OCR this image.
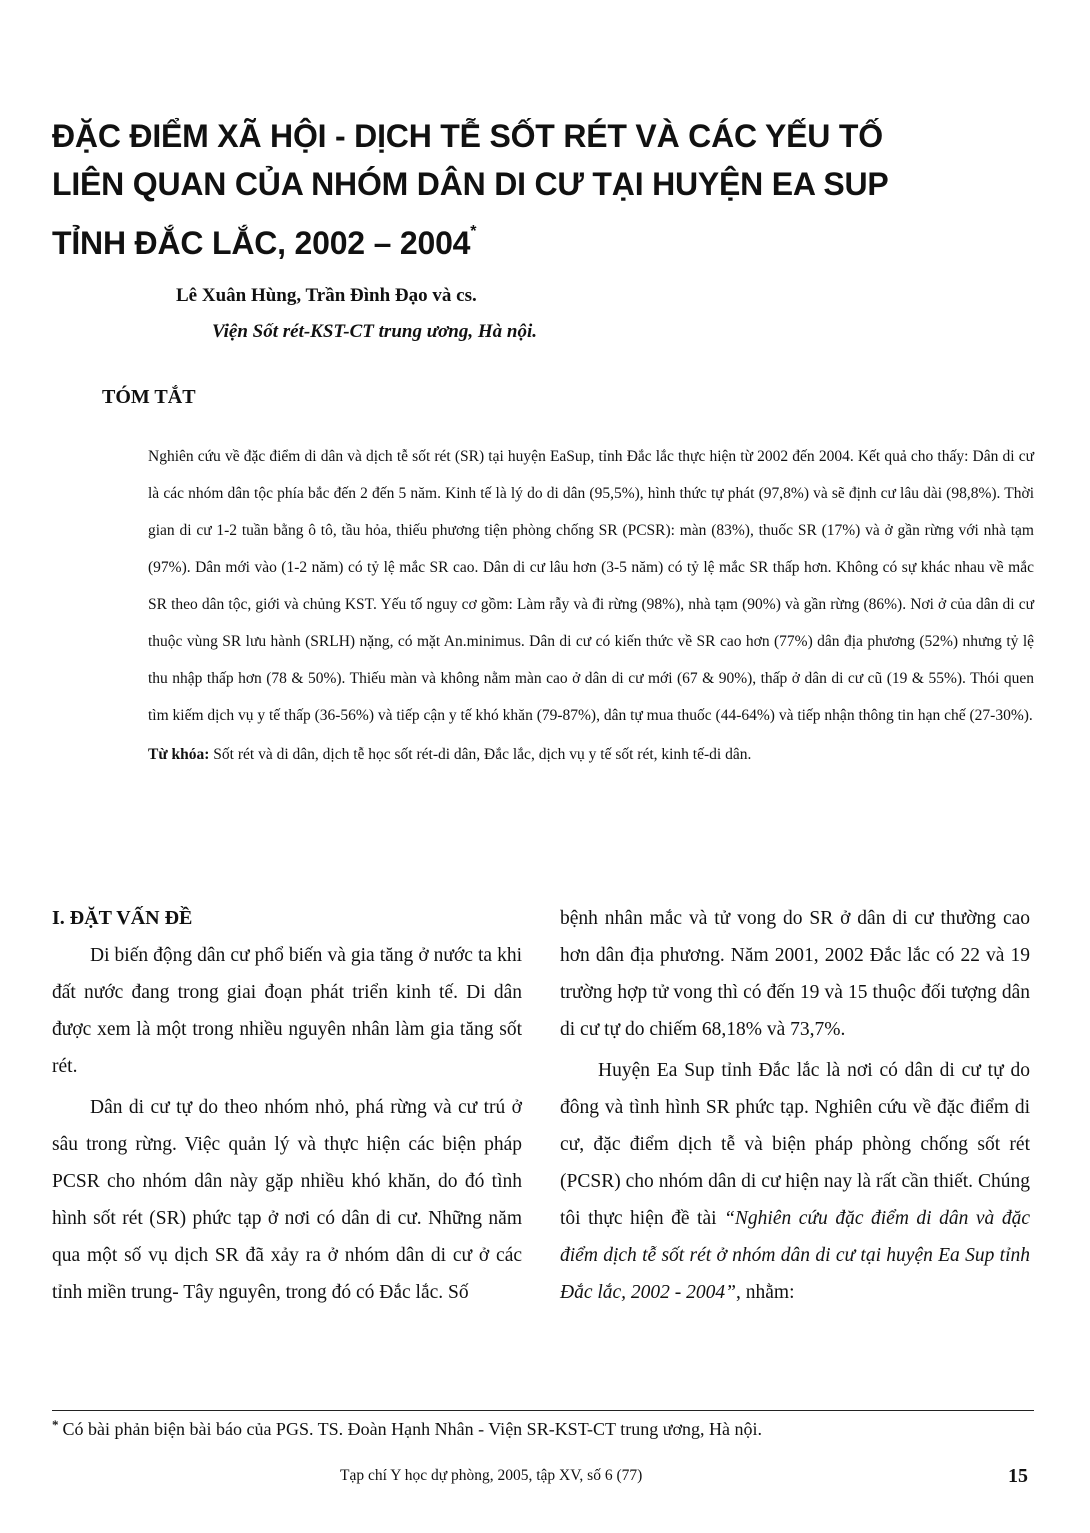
ĐẶC ĐIỂM XÃ HỘI - DỊCH TỄ SỐT RÉT VÀ CÁC YẾU TỐ
LIÊN QUAN CỦA NHÓM DÂN DI CƯ TẠI HUYỆN EA SUP
TỈNH ĐẮC LẮC, 2002 – 2004*
Lê Xuân Hùng, Trần Đình Đạo và cs.
Viện Sốt rét-KST-CT trung ương, Hà nội.
TÓM TẮT

Nghiên cứu về đặc điểm di dân và dịch tễ sốt rét (SR) tại huyện EaSup, tỉnh Đắc lắc thực hiện từ 2002 đến 2004. Kết quả cho thấy: Dân di cư là các nhóm dân tộc phía bắc đến 2 đến 5 năm. Kinh tế là lý do di dân (95,5%), hình thức tự phát (97,8%) và sẽ định cư lâu dài (98,8%). Thời gian di cư 1-2 tuần bằng ô tô, tầu hỏa, thiếu phương tiện phòng chống SR (PCSR): màn (83%), thuốc SR (17%) và ở gần rừng với nhà tạm (97%). Dân mới vào (1-2 năm) có tỷ lệ mắc SR cao. Dân di cư lâu hơn (3-5 năm) có tỷ lệ mắc SR thấp hơn. Không có sự khác nhau về mắc SR theo dân tộc, giới và chủng KST. Yếu tố nguy cơ gồm: Làm rẫy và đi rừng (98%), nhà tạm (90%) và gần rừng (86%). Nơi ở của dân di cư thuộc vùng SR lưu hành (SRLH) nặng, có mặt An.minimus. Dân di cư có kiến thức về SR cao hơn (77%) dân địa phương (52%) nhưng tỷ lệ thu nhập thấp hơn (78 & 50%). Thiếu màn và không nằm màn cao ở dân di cư mới (67 & 90%), thấp ở dân di cư cũ (19 & 55%). Thói quen tìm kiếm dịch vụ y tế thấp (36-56%) và tiếp cận y tế khó khăn (79-87%), dân tự mua thuốc (44-64%) và tiếp nhận thông tin hạn chế (27-30%).

Từ khóa: Sốt rét và di dân, dịch tễ học sốt rét-di dân, Đắc lắc, dịch vụ y tế sốt rét, kinh tế-di dân.

I. ĐẶT VẤN ĐỀ

Di biến động dân cư phổ biến và gia tăng ở nước ta khi đất nước đang trong giai đoạn phát triển kinh tế. Di dân được xem là một trong nhiều nguyên nhân làm gia tăng sốt rét.

Dân di cư tự do theo nhóm nhỏ, phá rừng và cư trú ở sâu trong rừng. Việc quản lý và thực hiện các biện pháp PCSR cho nhóm dân này gặp nhiều khó khăn, do đó tình hình sốt rét (SR) phức tạp ở nơi có dân di cư. Những năm qua một số vụ dịch SR đã xảy ra ở nhóm dân di cư ở các tỉnh miền trung- Tây nguyên, trong đó có Đắc lắc. Số

bệnh nhân mắc và tử vong do SR ở dân di cư thường cao hơn dân địa phương. Năm 2001, 2002 Đắc lắc có 22 và 19 trường hợp tử vong thì có đến 19 và 15 thuộc đối tượng dân di cư tự do chiếm 68,18% và 73,7%.

Huyện Ea Sup tỉnh Đắc lắc là nơi có dân di cư tự do đông và tình hình SR phức tạp. Nghiên cứu về đặc điểm di cư, đặc điểm dịch tễ và biện pháp phòng chống sốt rét (PCSR) cho nhóm dân di cư hiện nay là rất cần thiết. Chúng tôi thực hiện đề tài “Nghiên cứu đặc điểm di dân và đặc điểm dịch tễ sốt rét ở nhóm dân di cư tại huyện Ea Sup tỉnh Đắc lắc, 2002 - 2004”, nhằm:

* Có bài phản biện bài báo của PGS. TS. Đoàn Hạnh Nhân - Viện SR-KST-CT trung ương, Hà nội.
Tạp chí Y học dự phòng, 2005, tập XV, số 6 (77)	15
